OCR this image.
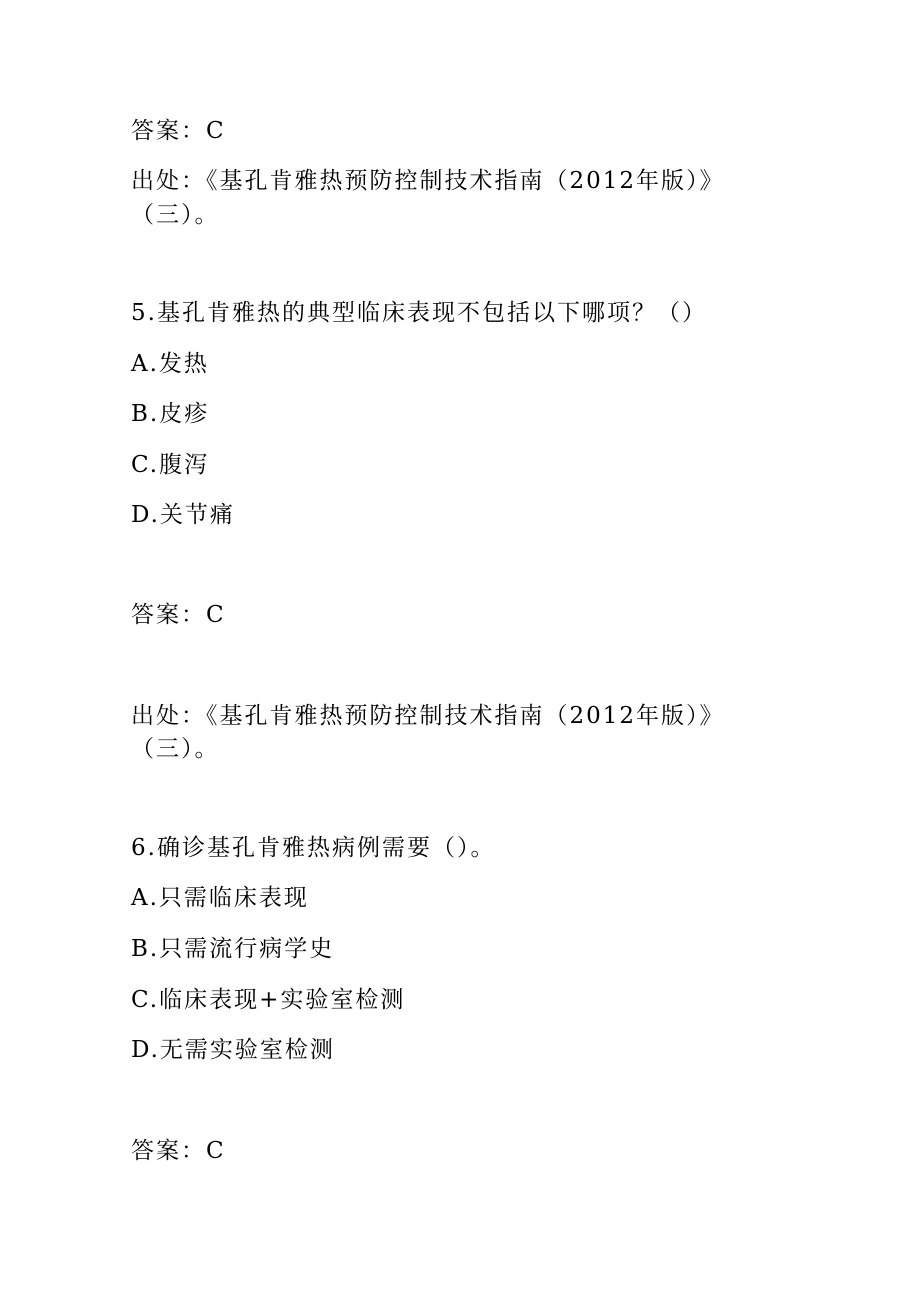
答案：C
出处：《基孔肯雅热预防控制技术指南（2012年版）》
（三）。
5.基孔肯雅热的典型临床表现不包括以下哪项？（）
A.发热
B.皮疹
C.腹泻
D.关节痛
答案：C
出处：《基孔肯雅热预防控制技术指南（2012年版）》
（三）。
6.确诊基孔肯雅热病例需要（）。
A.只需临床表现
B.只需流行病学史
C.临床表现+实验室检测
D.无需实验室检测
答案：C
